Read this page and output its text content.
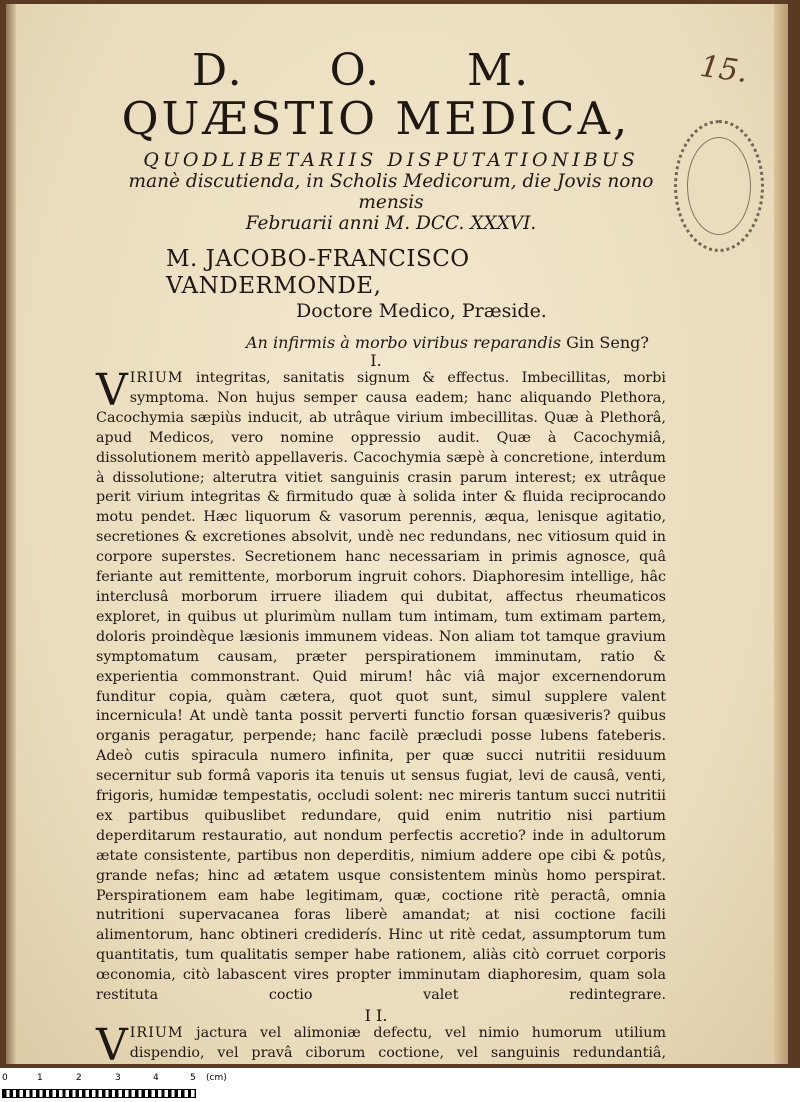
15.
D. O. M.
QUÆSTIO MEDICA,
QUODLIBETARIIS DISPUTATIONIBUS
manè discutienda, in Scholis Medicorum, die Jovis nono mensis
Februarii anni M. DCC. XXXVI.
M. JACOBO-FRANCISCO VANDERMONDE,
Doctore Medico, Præside.
An infirmis à morbo viribus reparandis Gin Seng?
I.

VIRIUM integritas, sanitatis signum & effectus. Imbecillitas, morbi symptoma. Non hujus semper causa eadem; hanc aliquando Plethora, Cacochymia sæpiùs inducit, ab utrâque virium imbecillitas. Quæ à Plethorâ, apud Medicos, vero nomine oppressio audit. Quæ à Cacochymiâ, dissolutionem meritò appellaveris. Cacochymia sæpè à concretione, interdum à dissolutione; alterutra vitiet sanguinis crasin parum interest; ex utrâque perit virium integritas & firmitudo quæ à solida inter & fluida reciprocando motu pendet. Hæc liquorum & vasorum perennis, æqua, lenisque agitatio, secretiones & excretiones absolvit, undè nec redundans, nec vitiosum quid in corpore superstes. Secretionem hanc necessariam in primis agnosce, quâ feriante aut remittente, morborum ingruit cohors. Diaphoresim intellige, hâc interclusâ morborum irruere iliadem qui dubitat, affectus rheumaticos exploret, in quibus ut plurimùm nullam tum intimam, tum extimam partem, doloris proindèque læsionis immunem videas. Non aliam tot tamque gravium symptomatum causam, præter perspirationem imminutam, ratio & experientia commonstrant. Quid mirum! hâc viâ major excernendorum funditur copia, quàm cætera, quot quot sunt, simul supplere valent incernicula! At undè tanta possit perverti functio forsan quæsiveris? quibus organis peragatur, perpende; hanc facilè præcludi posse lubens fateberis. Adeò cutis spiracula numero infinita, per quæ succi nutritii residuum secernitur sub formâ vaporis ita tenuis ut sensus fugiat, levi de causâ, venti, frigoris, humidæ tempestatis, occludi solent: nec mireris tantum succi nutritii ex partibus quibuslibet redundare, quid enim nutritio nisi partium deperditarum restauratio, aut nondum perfectis accretio? inde in adultorum ætate consistente, partibus non deperditis, nimium addere ope cibi & potûs, grande nefas; hinc ad ætatem usque consistentem minùs homo perspirat. Perspirationem eam habe legitimam, quæ, coctione ritè peractâ, omnia nutritioni supervacanea foras liberè amandat; at nisi coctione facili alimentorum, hanc obtineri crediderís. Hinc ut ritè cedat, assumptorum tum quantitatis, tum qualitatis semper habe rationem, aliàs citò corruet corporis œconomia, citò labascent vires propter imminutam diaphoresim, quam sola restituta coctio valet redintegrare.

I I.

VIRIUM jactura vel alimoniæ defectu, vel nimio humorum utilium dispendio, vel pravâ ciborum coctione, vel sanguinis redundantiâ,

0	1	2	3	4	5 (cm)
